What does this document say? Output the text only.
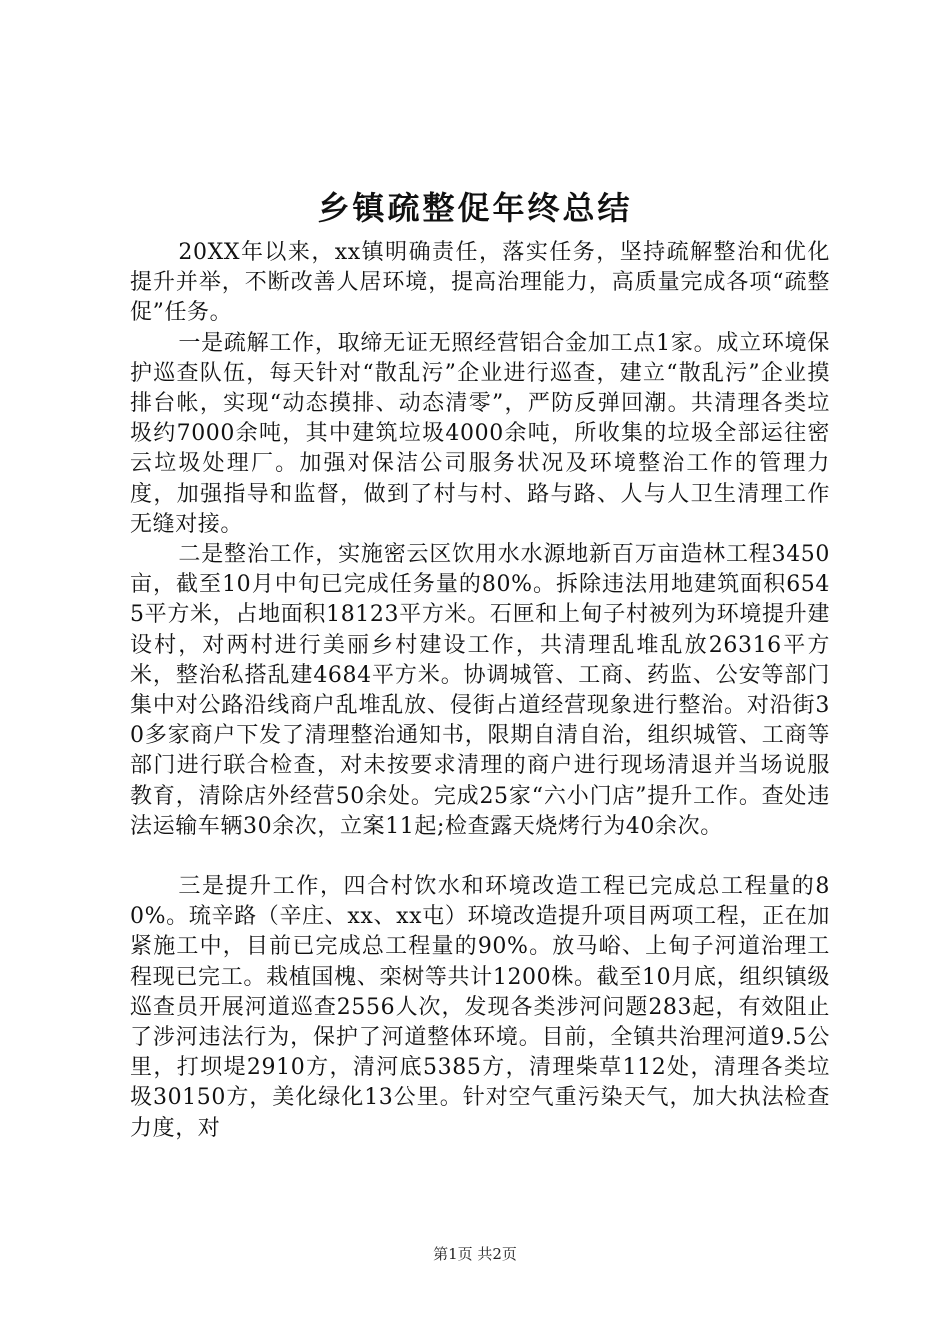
乡镇疏整促年终总结

20XX年以来，xx镇明确责任，落实任务，坚持疏解整治和优化提升并举，不断改善人居环境，提高治理能力，高质量完成各项“疏整促”任务。

一是疏解工作，取缔无证无照经营铝合金加工点1家。成立环境保护巡查队伍，每天针对“散乱污”企业进行巡查，建立“散乱污”企业摸排台帐，实现“动态摸排、动态清零”，严防反弹回潮。共清理各类垃圾约7000余吨，其中建筑垃圾4000余吨，所收集的垃圾全部运往密云垃圾处理厂。加强对保洁公司服务状况及环境整治工作的管理力度，加强指导和监督，做到了村与村、路与路、人与人卫生清理工作无缝对接。

二是整治工作，实施密云区饮用水水源地新百万亩造林工程3450亩，截至10月中旬已完成任务量的80%。拆除违法用地建筑面积6545平方米，占地面积18123平方米。石匣和上甸子村被列为环境提升建设村，对两村进行美丽乡村建设工作，共清理乱堆乱放26316平方米，整治私搭乱建4684平方米。协调城管、工商、药监、公安等部门集中对公路沿线商户乱堆乱放、侵街占道经营现象进行整治。对沿街30多家商户下发了清理整治通知书，限期自清自治，组织城管、工商等部门进行联合检查，对未按要求清理的商户进行现场清退并当场说服教育，清除店外经营50余处。完成25家“六小门店”提升工作。查处违法运输车辆30余次，立案11起;检查露天烧烤行为40余次。

三是提升工作，四合村饮水和环境改造工程已完成总工程量的80%。琉辛路（辛庄、xx、xx屯）环境改造提升项目两项工程，正在加紧施工中，目前已完成总工程量的90%。放马峪、上甸子河道治理工程现已完工。栽植国槐、栾树等共计1200株。截至10月底，组织镇级巡查员开展河道巡查2556人次，发现各类涉河问题283起，有效阻止了涉河违法行为，保护了河道整体环境。目前，全镇共治理河道9.5公里，打坝堤2910方，清河底5385方，清理柴草112处，清理各类垃圾30150方，美化绿化13公里。针对空气重污染天气，加大执法检查力度，对

第1页 共2页
